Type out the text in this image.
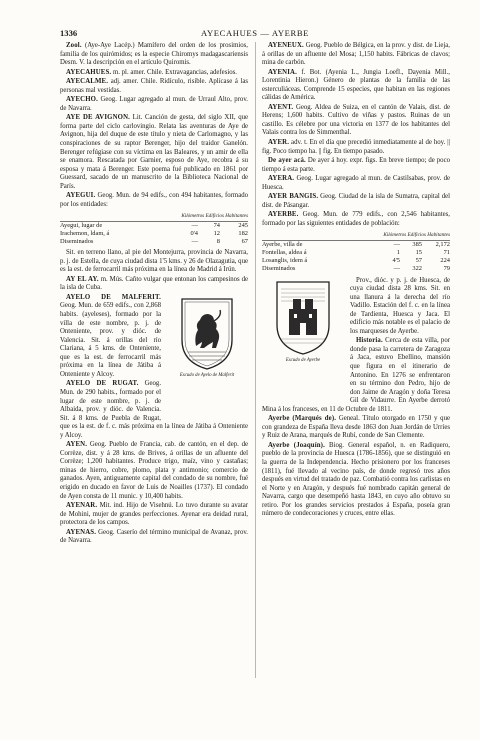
1336	AYECAHUES — AYERBE

Zool. (Aye-Aye Lacép.) Mamífero del orden de los prosimios, familia de los quirómidos; es la especie Chiromys madagascariensis Desm. V. la descripción en el artículo Quiromis.

AYECAHUES. m. pl. amer. Chile. Extravagancias, adefesios.

AYECALME. adj. amer. Chile. Ridículo, risible. Aplícase á las personas mal vestidas.

AYECHO. Geog. Lugar agregado al mun. de Urraul Alto, prov. de Navarra.

AYE DE AVIGNON. Lit. Canción de gesta, del siglo XII, que forma parte del ciclo carlovingio. Relata las aventuras de Aye de Avignon, hija del duque de este título y nieta de Carlomagno, y las conspiraciones de su raptor Berenger, hijo del traidor Ganelón. Berenger refúgiase con su víctima en las Baleares, y un amir de ella se enamora. Rescatada por Garnier, esposo de Aye, recobra á su esposa y mata á Berenger. Este poema fué publicado en 1861 por Guessard, sacado de un manuscrito de la Biblioteca Nacional de París.

AYEGUI. Geog. Mun. de 94 edifs., con 494 habitantes, formado por los entidades:

Kilómetros Edificios Habitantes
Ayegui, lugar de	—	74	245
Irachemon, ldam, á	0'4	12	182
Diseminados	—	8	67

Sit. en terreno llano, al pie del Montejurra, provincia de Navarra, p. j. de Estella, de cuya ciudad dista 1'5 kms. y 26 de Olazagutia, que es la est. de ferrocarril más próxima en la línea de Madrid á Irún.

AY EL AY. m. Mús. Cañto vulgar que entonan los campesinos de la isla de Cuba.

Escudo de Ayelo de Malferit

AYELO DE MALFERIT. Geog. Mun. de 659 edifs., con 2,868 habits. (ayeleses), formado por la villa de este nombre, p. j. de Onteniente, prov. y dióc. de Valencia. Sit. á orillas del río Clariana, á 5 kms. de Onteniente, que es la est. de ferrocarril más próxima en la línea de Játiba á Onteniente y Alcoy.

AYELO DE RUGAT. Geog. Mun. de 290 habits., formado por el lugar de este nombre, p. j. de Albaida, prov. y dióc. de Valencia. Sit. á 8 kms. de Puebla de Rugat, que es la est. de f. c. más próxima en la línea de Játiba á Onteniente y Alcoy.

AYEN. Geog. Pueblo de Francia, cab. de cantón, en el dep. de Corrèze, dist. y á 28 kms. de Brives, á orillas de un afluente del Corrèze; 1,200 habitantes. Produce trigo, maíz, vino y castañas; minas de hierro, cobre, plomo, plata y antimonio; comercio de ganados. Ayen, antiguamente capital del condado de su nombre, fué erigido en ducado en favor de Luis de Noailles (1737). El condado de Ayen consta de 11 munic. y 10,400 habits.

AYENAR. Mit. ind. Hijo de Visehnú. Lo tuvo durante su avatar de Mohini, mujer de grandes perfecciones. Ayenar era deidad rural, protectora de los campos.

AYENAS. Geog. Caserío del término municipal de Avanaz, prov. de Navarra.

AYENEUX. Geog. Pueblo de Bélgica, en la prov. y dist. de Lieja, á orillas de un afluente del Mosa; 1,150 habits. Fábricas de clavos; mina de carbón.

AYENIA. f. Bot. (Ayenia L., Jungia Loefl., Dayenia Mill., Lorentinia Hieron.) Género de plantas de la familia de las esterculiáceas. Comprende 15 especies, que habitan en las regiones cálidas de América.

AYENT. Geog. Aldea de Suiza, en el cantón de Valais, dist. de Herens; 1,600 habits. Cultivo de viñas y pastos. Ruinas de un castillo. Es célebre por una victoria en 1377 de los habitantes del Valais contra los de Simmenthal.

AYER. adv. t. En el día que precedió inmediatamente al de hoy. || fig. Poco tiempo ha. || fig. En tiempo pasado.

De ayer acá. De ayer á hoy. expr. figs. En breve tiempo; de poco tiempo á esta parte.

AYERA. Geog. Lugar agregado al mun. de Castilsabas, prov. de Huesca.

AYER BANGIS. Geog. Ciudad de la isla de Sumatra, capital del dist. de Pásangar.

AYERBE. Geog. Mun. de 779 edifs., con 2,546 habitantes, formado por las siguientes entidades de población:

Kilómetros Edificios Habitantes
Ayerbe, villa de	—	385	2,172
Fontellas, aldea á	1	15	71
Losanglis, idem á	4'5	57	224
Diseminados	—	322	79
Escudo de Ayerbe

Prov., dióc. y p. j. de Huesca, de cuya ciudad dista 28 kms. Sit. en una llanura á la derecha del río Vadillo. Estación del f. c. en la línea de Tardienta, Huesca y Jaca. El edificio más notable es el palacio de los marqueses de Ayerbe.

Historia. Cerca de esta villa, por donde pasa la carretera de Zaragoza á Jaca, estuvo Ebellino, mansión que figura en el itinerario de Antonino. En 1276 se enfrentaron en su término don Pedro, hijo de don Jaime de Aragón y doña Teresa Gil de Vidaurre. En Ayerbe derrotó Mina á los franceses, en 11 de Octubre de 1811.

Ayerbe (Marqués de). Geneal. Título otorgado en 1750 y que con grandeza de España lleva desde 1863 don Juan Jordán de Urríes y Ruiz de Arana, marqués de Rubí, conde de San Clemente.

Ayerbe (Joaquín). Biog. General español, n. en Radiquero, pueblo de la provincia de Huesca (1786-1856), que se distinguió en la guerra de la Independencia. Hecho prisionero por los franceses (1811), fué llevado al vecino país, de donde regresó tres años después en virtud del tratado de paz. Combatió contra los carlistas en el Norte y en Aragón, y después fué nombrado capitán general de Navarra, cargo que desempeñó hasta 1843, en cuyo año obtuvo su retiro. Por los grandes servicios prestados á España, poseía gran número de condecoraciones y cruces, entre ellas.
